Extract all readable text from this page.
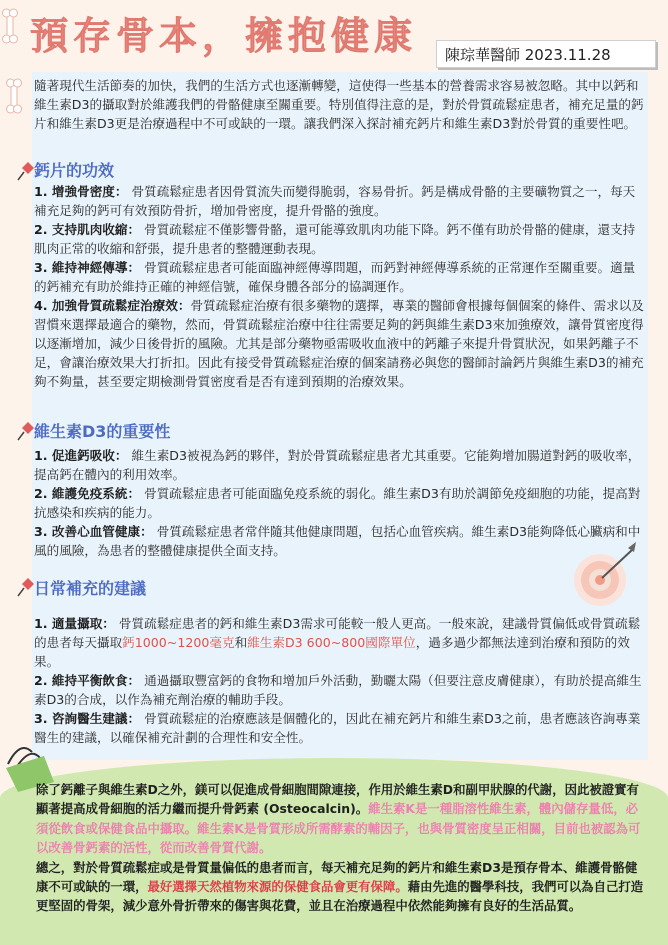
預存骨本，擁抱健康	陳琮華醫師 2023.11.28
隨著現代生活節奏的加快，我們的生活方式也逐漸轉變，這使得一些基本的營養需求容易被忽略。其中以鈣和維生素D3的攝取對於維護我們的骨骼健康至關重要。特別值得注意的是，對於骨質疏鬆症患者，補充足量的鈣片和維生素D3更是治療過程中不可或缺的一環。讓我們深入探討補充鈣片和維生素D3對於骨質的重要性吧。
鈣片的功效

1. 增強骨密度： 骨質疏鬆症患者因骨質流失而變得脆弱，容易骨折。鈣是構成骨骼的主要礦物質之一，每天補充足夠的鈣可有效預防骨折，增加骨密度，提升骨骼的強度。

2. 支持肌肉收縮： 骨質疏鬆症不僅影響骨骼，還可能導致肌肉功能下降。鈣不僅有助於骨骼的健康，還支持肌肉正常的收縮和舒張，提升患者的整體運動表現。

3. 維持神經傳導： 骨質疏鬆症患者可能面臨神經傳導問題，而鈣對神經傳導系統的正常運作至關重要。適量的鈣補充有助於維持正確的神經信號，確保身體各部分的協調運作。

4. 加強骨質疏鬆症治療效：骨質疏鬆症治療有很多藥物的選擇，專業的醫師會根據每個個案的條件、需求以及習慣來選擇最適合的藥物，然而，骨質疏鬆症治療中往往需要足夠的鈣與維生素D3來加強療效，讓骨質密度得以逐漸增加，減少日後骨折的風險。尤其是部分藥物亟需吸收血液中的鈣離子來提升骨質狀況，如果鈣離子不足，會讓治療效果大打折扣。因此有接受骨質疏鬆症治療的個案請務必與您的醫師討論鈣片與維生素D3的補充夠不夠量，甚至要定期檢測骨質密度看是否有達到預期的治療效果。

維生素D3的重要性

1. 促進鈣吸收： 維生素D3被視為鈣的夥伴，對於骨質疏鬆症患者尤其重要。它能夠增加腸道對鈣的吸收率，提高鈣在體內的利用效率。

2. 維護免疫系統： 骨質疏鬆症患者可能面臨免疫系統的弱化。維生素D3有助於調節免疫細胞的功能，提高對抗感染和疾病的能力。

3. 改善心血管健康： 骨質疏鬆症患者常伴隨其他健康問題，包括心血管疾病。維生素D3能夠降低心臟病和中風的風險，為患者的整體健康提供全面支持。

日常補充的建議

1. 適量攝取： 骨質疏鬆症患者的鈣和維生素D3需求可能較一般人更高。一般來說，建議骨質偏低或骨質疏鬆的患者每天攝取鈣1000~1200毫克和維生素D3 600~800國際單位，過多過少都無法達到治療和預防的效果。

2. 維持平衡飲食： 通過攝取豐富鈣的食物和增加戶外活動，勤曬太陽（但要注意皮膚健康），有助於提高維生素D3的合成，以作為補充劑治療的輔助手段。

3. 咨詢醫生建議： 骨質疏鬆症的治療應該是個體化的，因此在補充鈣片和維生素D3之前，患者應該咨詢專業醫生的建議，以確保補充計劃的合理性和安全性。

除了鈣離子與維生素D之外，鎂可以促進成骨細胞間隙連接，作用於維生素D和副甲狀腺的代謝，因此被證實有顯著提高成骨細胞的活力繼而提升骨鈣素 (Osteocalcin)。維生素K是一種脂溶性維生素，體內儲存量低，必須從飲食或保健食品中攝取。維生素K是骨質形成所需酵素的輔因子，也與骨質密度呈正相關，目前也被認為可以改善骨鈣素的活性，從而改善骨質代謝。

總之，對於骨質疏鬆症或是骨質量偏低的患者而言，每天補充足夠的鈣片和維生素D3是預存骨本、維護骨骼健康不可或缺的一環，最好選擇天然植物來源的保健食品會更有保障。藉由先進的醫學科技，我們可以為自己打造更堅固的骨架，減少意外骨折帶來的傷害與花費，並且在治療過程中依然能夠擁有良好的生活品質。
